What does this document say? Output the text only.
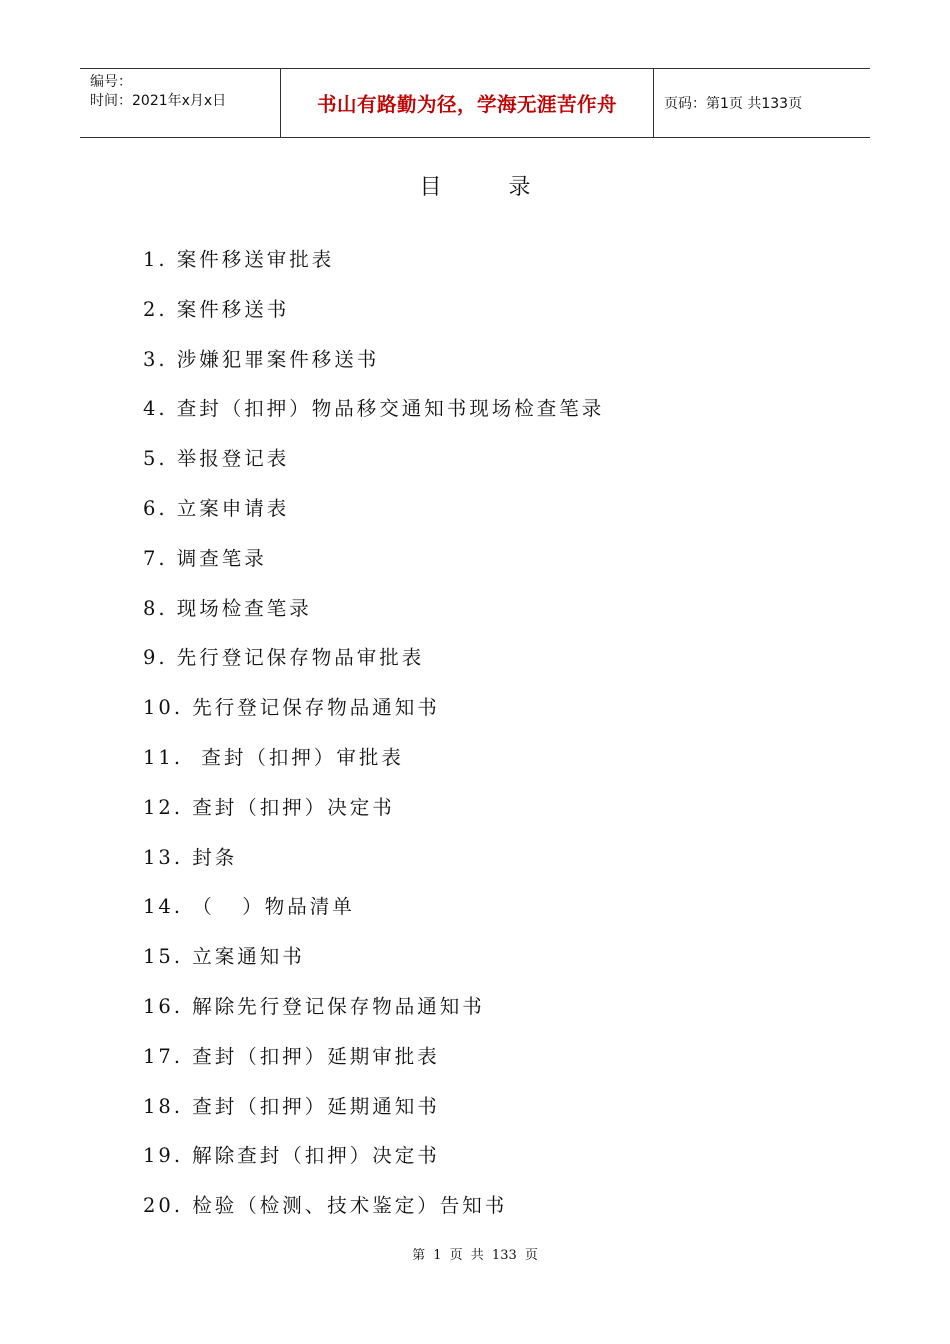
编号：
时间：2021年x月x日	书山有路勤为径，学海无涯苦作舟	页码：第1页 共133页
目 录
1. 案件移送审批表
2. 案件移送书
3. 涉嫌犯罪案件移送书
4. 查封（扣押）物品移交通知书现场检查笔录
5. 举报登记表
6. 立案申请表
7. 调查笔录
8. 现场检查笔录
9. 先行登记保存物品审批表
10. 先行登记保存物品通知书
11.  查封（扣押）审批表
12. 查封（扣押）决定书
13. 封条
14. （   ）物品清单
15. 立案通知书
16. 解除先行登记保存物品通知书
17. 查封（扣押）延期审批表
18. 查封（扣押）延期通知书
19. 解除查封（扣押）决定书
20. 检验（检测、技术鉴定）告知书
第 1 页 共 133 页
